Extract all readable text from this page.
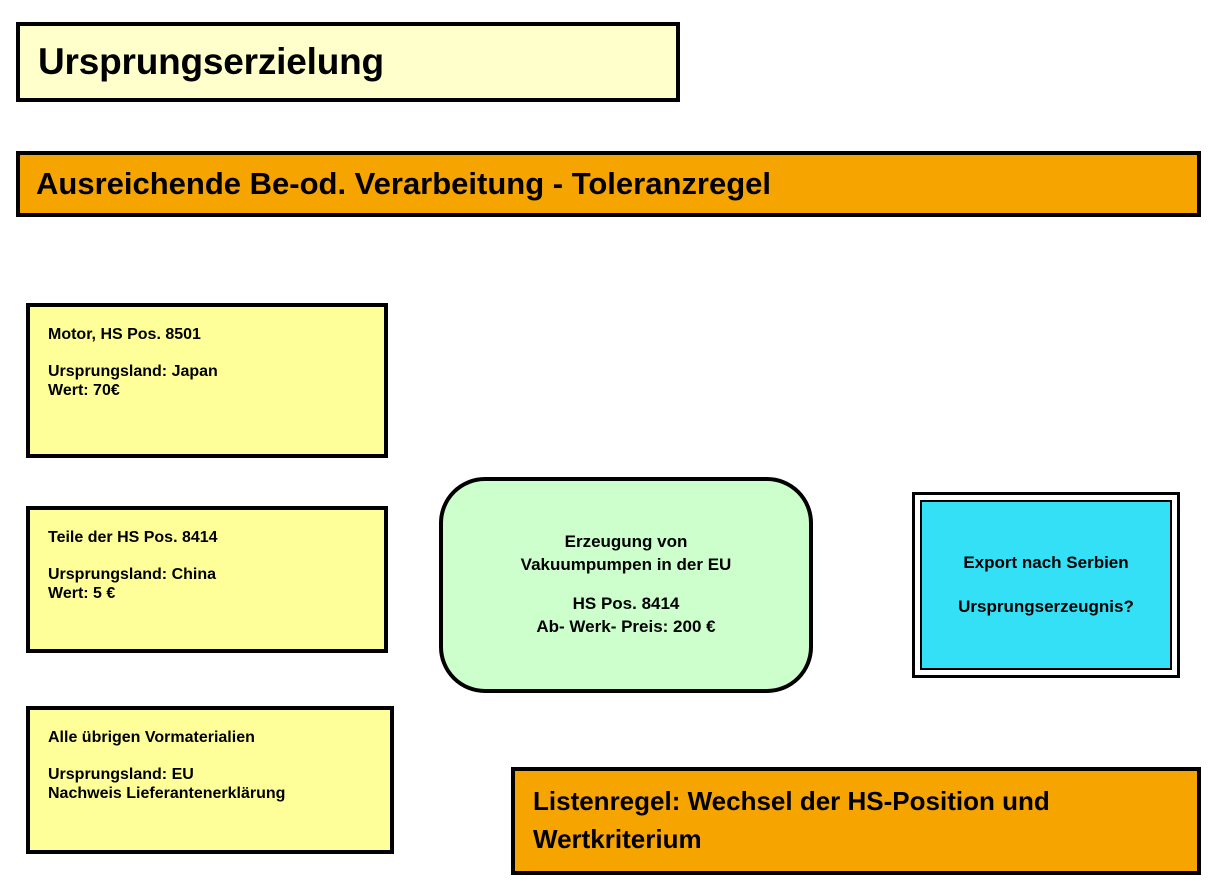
Ursprungserzielung
Ausreichende Be-od. Verarbeitung - Toleranzregel
Motor, HS Pos. 8501
Ursprungsland: Japan
Wert: 70€
Teile der HS Pos. 8414
Ursprungsland: China
Wert: 5 €
Alle übrigen Vormaterialien
Ursprungsland: EU
Nachweis Lieferantenerklärung
Erzeugung von
Vakuumpumpen in der EU
HS Pos. 8414
Ab- Werk- Preis: 200 €
Export nach Serbien
Ursprungserzeugnis?
Listenregel: Wechsel der HS-Position und
Wertkriterium
